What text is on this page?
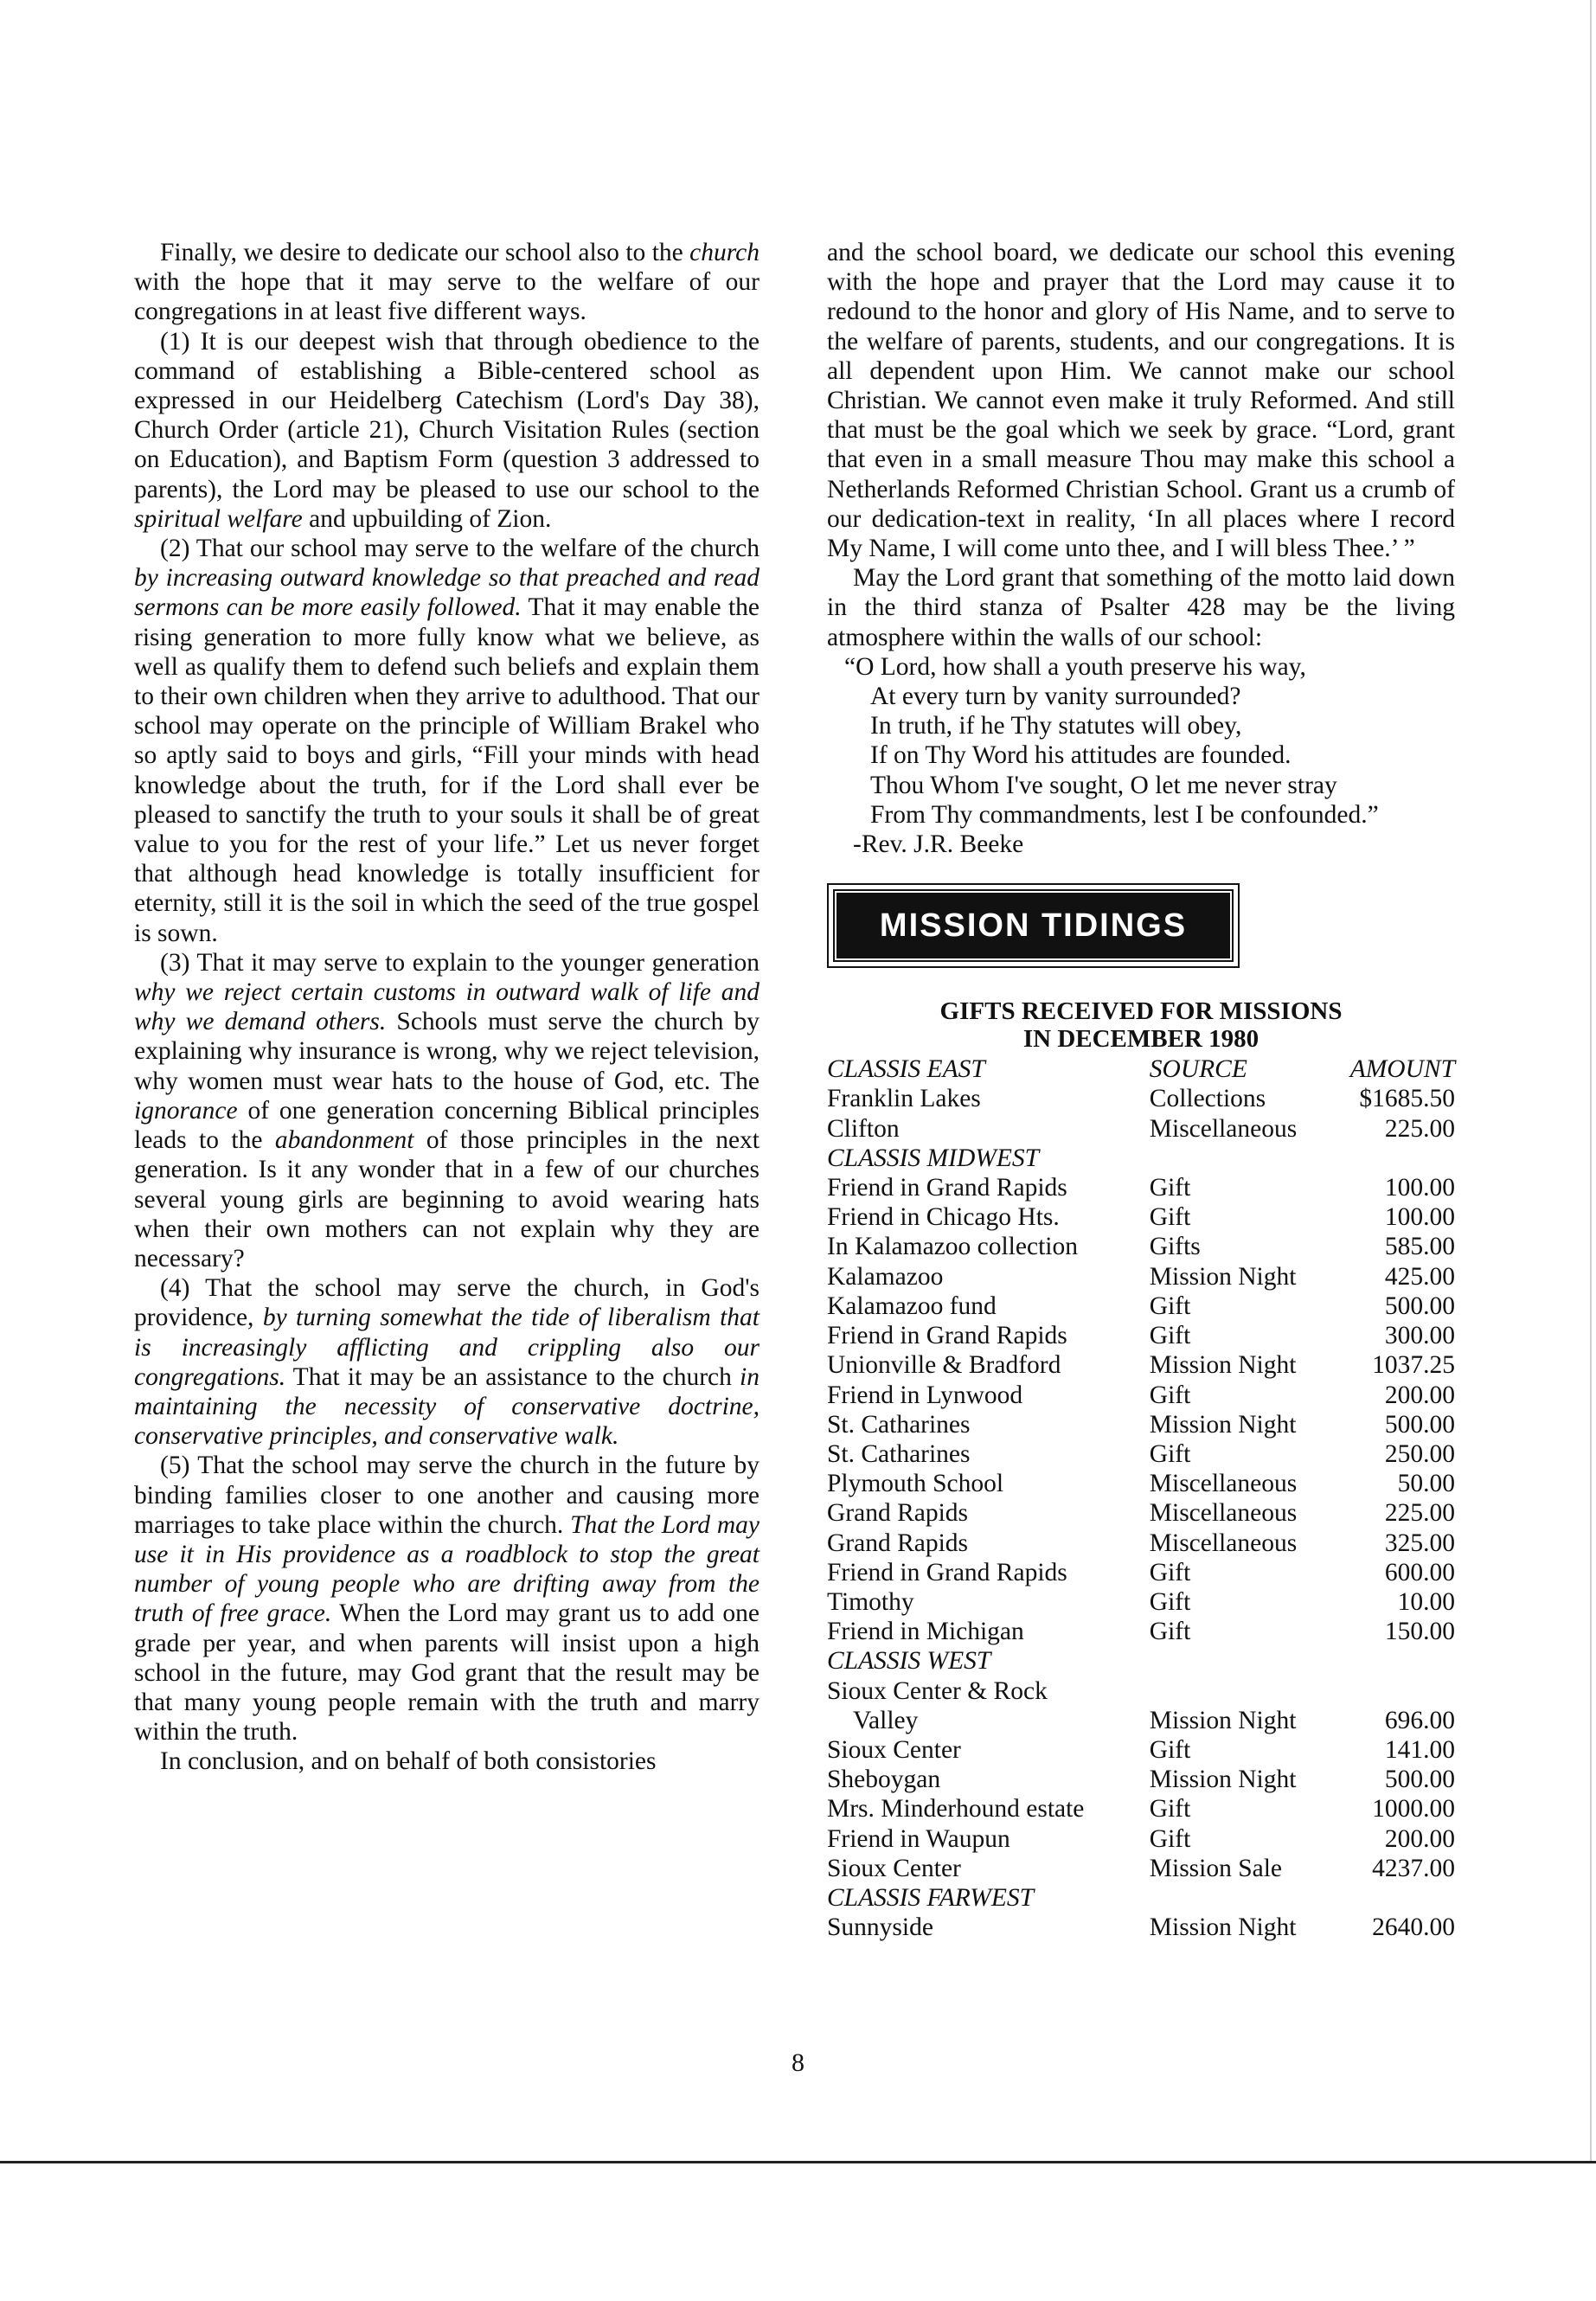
Finally, we desire to dedicate our school also to the church with the hope that it may serve to the welfare of our congregations in at least five different ways.

(1) It is our deepest wish that through obedience to the command of establishing a Bible-centered school as expressed in our Heidelberg Catechism (Lord's Day 38), Church Order (article 21), Church Visitation Rules (section on Education), and Baptism Form (question 3 addressed to parents), the Lord may be pleased to use our school to the spiritual welfare and upbuilding of Zion.

(2) That our school may serve to the welfare of the church by increasing outward knowledge so that preached and read sermons can be more easily followed. That it may enable the rising generation to more fully know what we believe, as well as qualify them to defend such beliefs and explain them to their own children when they arrive to adulthood. That our school may operate on the principle of William Brakel who so aptly said to boys and girls, “Fill your minds with head knowledge about the truth, for if the Lord shall ever be pleased to sanctify the truth to your souls it shall be of great value to you for the rest of your life.” Let us never forget that although head knowledge is totally insufficient for eternity, still it is the soil in which the seed of the true gospel is sown.

(3) That it may serve to explain to the younger generation why we reject certain customs in outward walk of life and why we demand others. Schools must serve the church by explaining why insurance is wrong, why we reject television, why women must wear hats to the house of God, etc. The ignorance of one generation concerning Biblical principles leads to the abandonment of those principles in the next generation. Is it any wonder that in a few of our churches several young girls are beginning to avoid wearing hats when their own mothers can not explain why they are necessary?

(4) That the school may serve the church, in God's providence, by turning somewhat the tide of liberalism that is increasingly afflicting and crippling also our congregations. That it may be an assistance to the church in maintaining the necessity of conservative doctrine, conservative principles, and conservative walk.

(5) That the school may serve the church in the future by binding families closer to one another and causing more marriages to take place within the church. That the Lord may use it in His providence as a roadblock to stop the great number of young people who are drifting away from the truth of free grace. When the Lord may grant us to add one grade per year, and when parents will insist upon a high school in the future, may God grant that the result may be that many young people remain with the truth and marry within the truth.

In conclusion, and on behalf of both consistories

and the school board, we dedicate our school this evening with the hope and prayer that the Lord may cause it to redound to the honor and glory of His Name, and to serve to the welfare of parents, students, and our congregations. It is all dependent upon Him. We cannot make our school Christian. We cannot even make it truly Reformed. And still that must be the goal which we seek by grace. “Lord, grant that even in a small measure Thou may make this school a Netherlands Reformed Christian School. Grant us a crumb of our dedication-text in reality, ‘In all places where I record My Name, I will come unto thee, and I will bless Thee.’ ”

May the Lord grant that something of the motto laid down in the third stanza of Psalter 428 may be the living atmosphere within the walls of our school:

“O Lord, how shall a youth preserve his way,
At every turn by vanity surrounded?
In truth, if he Thy statutes will obey,
If on Thy Word his attitudes are founded.
Thou Whom I've sought, O let me never stray
From Thy commandments, lest I be confounded.”

-Rev. J.R. Beeke

MISSION TIDINGS
GIFTS RECEIVED FOR MISSIONS
IN DECEMBER 1980
CLASSIS EAST	SOURCE	AMOUNT
Franklin Lakes	Collections	$1685.50
Clifton	Miscellaneous	225.00
CLASSIS MIDWEST		
Friend in Grand Rapids	Gift	100.00
Friend in Chicago Hts.	Gift	100.00
In Kalamazoo collection	Gifts	585.00
Kalamazoo	Mission Night	425.00
Kalamazoo fund	Gift	500.00
Friend in Grand Rapids	Gift	300.00
Unionville & Bradford	Mission Night	1037.25
Friend in Lynwood	Gift	200.00
St. Catharines	Mission Night	500.00
St. Catharines	Gift	250.00
Plymouth School	Miscellaneous	50.00
Grand Rapids	Miscellaneous	225.00
Grand Rapids	Miscellaneous	325.00
Friend in Grand Rapids	Gift	600.00
Timothy	Gift	10.00
Friend in Michigan	Gift	150.00
CLASSIS WEST		
Sioux Center & Rock		
Valley	Mission Night	696.00
Sioux Center	Gift	141.00
Sheboygan	Mission Night	500.00
Mrs. Minderhound estate	Gift	1000.00
Friend in Waupun	Gift	200.00
Sioux Center	Mission Sale	4237.00
CLASSIS FARWEST		
Sunnyside	Mission Night	2640.00
8
